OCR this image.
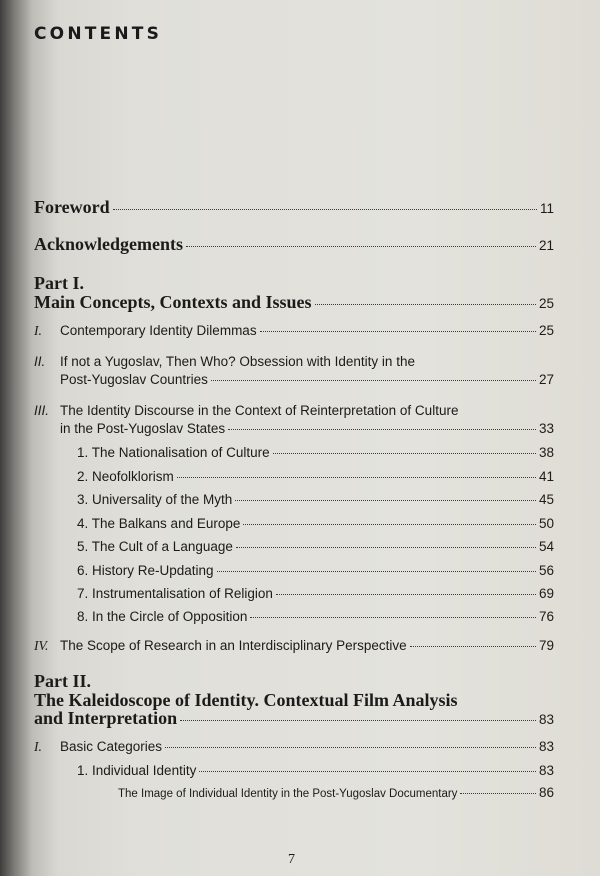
CONTENTS
Foreword	11
Acknowledgements	21
Part I.
Main Concepts, Contexts and Issues	25
I. Contemporary Identity Dilemmas	25
II. If not a Yugoslav, Then Who? Obsession with Identity in the
Post-Yugoslav Countries	27
III. The Identity Discourse in the Context of Reinterpretation of Culture
in the Post-Yugoslav States	33
1. The Nationalisation of Culture	38
2. Neofolklorism	41
3. Universality of the Myth	45
4. The Balkans and Europe	50
5. The Cult of a Language	54
6. History Re-Updating	56
7. Instrumentalisation of Religion	69
8. In the Circle of Opposition	76
IV. The Scope of Research in an Interdisciplinary Perspective	79
Part II.
The Kaleidoscope of Identity. Contextual Film Analysis
and Interpretation	83
I. Basic Categories	83
1. Individual Identity	83
The Image of Individual Identity in the Post-Yugoslav Documentary	86
7
